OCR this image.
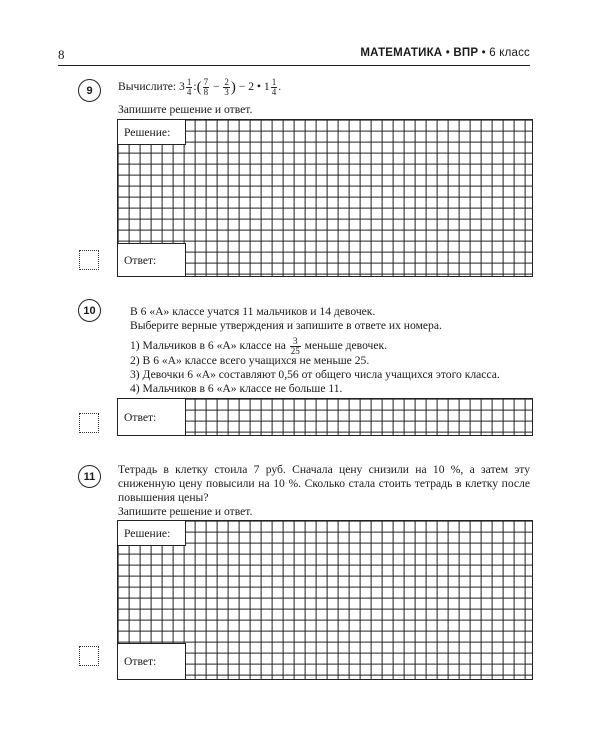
8	МАТЕМАТИКА • ВПР • 6 класс
9	Вычислите: $3 \frac{1}{4}$ :( $\frac{7}{8} - \frac{2}{3}$ ) − 2 • $1 \frac{1}{4}$ .
Запишите решение и ответ.
Решение:
Ответ:
10	В 6 «А» классе учатся 11 мальчиков и 14 девочек.
Выберите верные утверждения и запишите в ответе их номера.
1) Мальчиков в 6 «А» классе на $\frac{3}{25}$ меньше девочек.
2) В 6 «А» классе всего учащихся не меньше 25.
3) Девочки 6 «А» составляют 0,56 от общего числа учащихся этого класса.
4) Мальчиков в 6 «А» классе не больше 11.
Ответ:
11
Тетрадь в клетку стоила 7 руб. Сначала цену снизили на 10 %, а затем эту сниженную цену повысили на 10 %. Сколько стала стоить тетрадь в клетку после повышения цены?
Запишите решение и ответ.
Решение:
Ответ:
